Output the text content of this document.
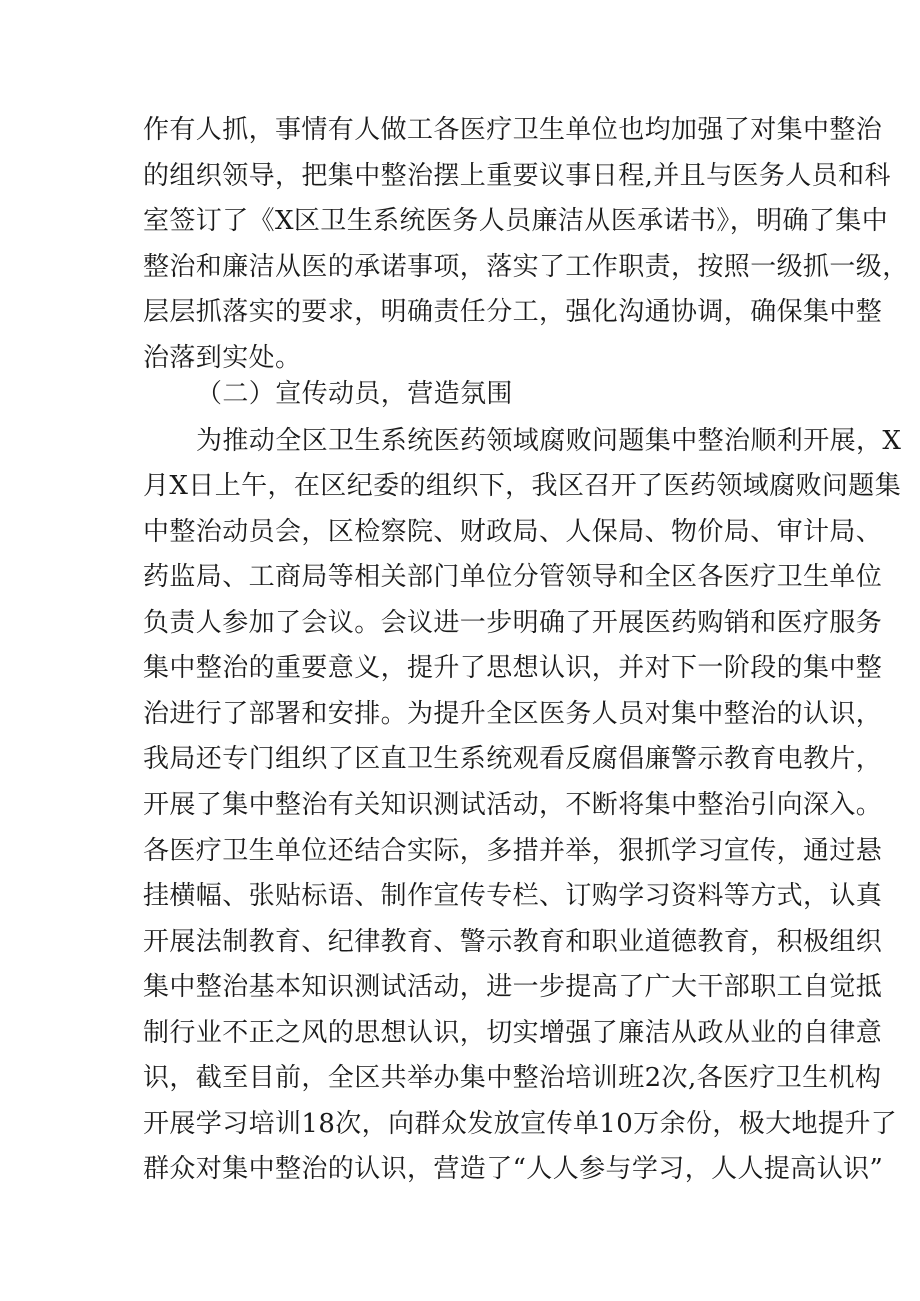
作有人抓，事情有人做工各医疗卫生单位也均加强了对集中整治
的组织领导，把集中整治摆上重要议事日程,并且与医务人员和科
室签订了《X区卫生系统医务人员廉洁从医承诺书》，明确了集中
整治和廉洁从医的承诺事项，落实了工作职责，按照一级抓一级，
层层抓落实的要求，明确责任分工，强化沟通协调，确保集中整
治落到实处。
（二）宣传动员，营造氛围
为推动全区卫生系统医药领域腐败问题集中整治顺利开展，X
月X日上午，在区纪委的组织下，我区召开了医药领域腐败问题集
中整治动员会，区检察院、财政局、人保局、物价局、审计局、
药监局、工商局等相关部门单位分管领导和全区各医疗卫生单位
负责人参加了会议。会议进一步明确了开展医药购销和医疗服务
集中整治的重要意义，提升了思想认识，并对下一阶段的集中整
治进行了部署和安排。为提升全区医务人员对集中整治的认识，
我局还专门组织了区直卫生系统观看反腐倡廉警示教育电教片，
开展了集中整治有关知识测试活动，不断将集中整治引向深入。
各医疗卫生单位还结合实际，多措并举，狠抓学习宣传，通过悬
挂横幅、张贴标语、制作宣传专栏、订购学习资料等方式，认真
开展法制教育、纪律教育、警示教育和职业道德教育，积极组织
集中整治基本知识测试活动，进一步提高了广大干部职工自觉抵
制行业不正之风的思想认识，切实增强了廉洁从政从业的自律意
识，截至目前，全区共举办集中整治培训班2次,各医疗卫生机构
开展学习培训18次，向群众发放宣传单10万余份，极大地提升了
群众对集中整治的认识，营造了“人人参与学习，人人提高认识”
